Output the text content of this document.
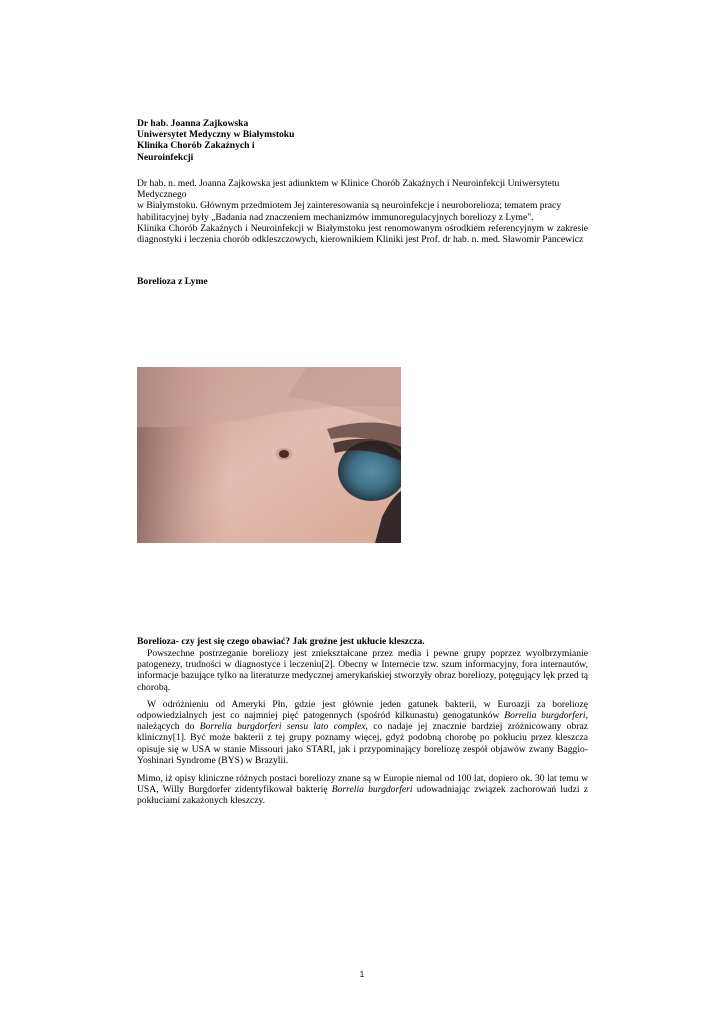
Dr hab. Joanna Zajkowska
Uniwersytet Medyczny w Białymstoku
Klinika Chorób Zakaźnych i
Neuroinfekcji

Dr hab. n. med. Joanna Zajkowska jest adiunktem w Klinice Chorób Zakaźnych i Neuroinfekcji Uniwersytetu Medycznego

w Białymstoku. Głównym przedmiotem Jej zainteresowania są neuroinfekcje i neuroborelioza; tematem pracy habilitacyjnej były „Badania nad znaczeniem mechanizmów immunoregulacyjnych boreliozy z Lyme".

Klinika Chorób Zakaźnych i Neuroinfekcji w Białymstoku jest renomowanym ośrodkiem referencyjnym w zakresie diagnostyki i leczenia chorób odkleszczowych, kierownikiem Kliniki jest Prof. dr hab. n. med. Sławomir Pancewicz

Borelioza z Lyme
Borelioza- czy jest się czego obawiać? Jak groźne jest ukłucie kleszcza.

Powszechne postrzeganie boreliozy jest zniekształcane przez media i pewne grupy poprzez wyolbrzymianie patogenezy, trudności w diagnostyce i leczeniu[2]. Obecny w Internecie tzw. szum informacyjny, fora internautów, informacje bazujące tylko na literaturze medycznej amerykańskiej stworzyły obraz boreliozy, potęgujący lęk przed tą chorobą.

W odróżnieniu od Ameryki Płn, gdzie jest głównie jeden gatunek bakterii, w Euroazji za boreliozę odpowiedzialnych jest co najmniej pięć patogennych (spośród kilkunastu) genogatunków Borrelia burgdorferi, należących do Borrelia burgdorferi sensu lato complex, co nadaje jej znacznie bardziej zróżnicowany obraz kliniczny[1]. Być może bakterii z tej grupy poznamy więcej, gdyż podobną chorobę po pokłuciu przez kleszcza opisuje się w USA w stanie Missouri jako STARI, jak i przypominający boreliozę zespół objawów zwany Baggio-Yoshinari Syndrome (BYS) w Brazylii.

Mimo, iż opisy kliniczne różnych postaci boreliozy znane są w Europie niemal od 100 lat, dopiero ok. 30 lat temu w USA, Willy Burgdorfer zidentyfikował bakterię Borrelia burgdorferi udowadniając związek zachorowań ludzi z pokłuciami zakażonych kleszczy.

1
